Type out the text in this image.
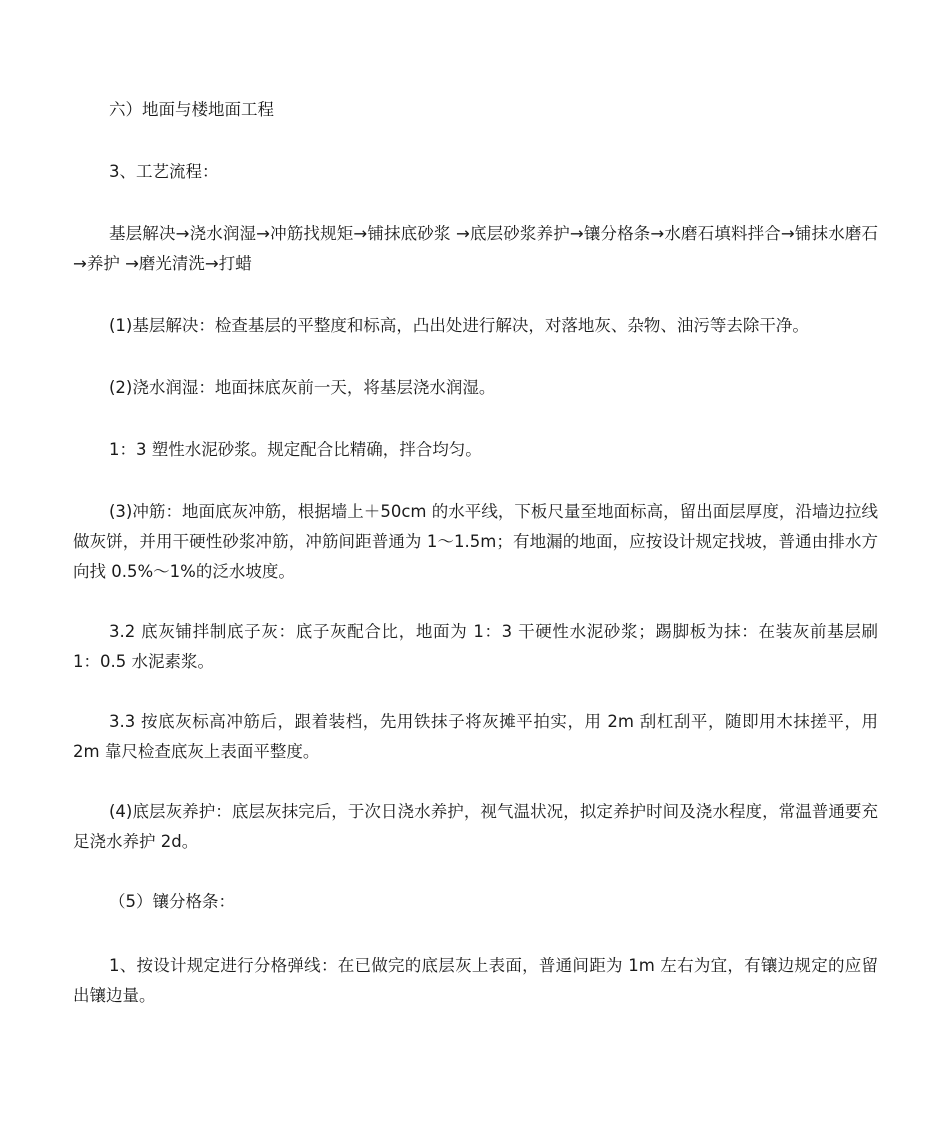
六）地面与楼地面工程

3、工艺流程：

基层解决→浇水润湿→冲筋找规矩→铺抹底砂浆 →底层砂浆养护→镶分格条→水磨石填料拌合→铺抹水磨石→养护 →磨光清洗→打蜡

(1)基层解决：检查基层的平整度和标高，凸出处进行解决，对落地灰、杂物、油污等去除干净。

(2)浇水润湿：地面抹底灰前一天，将基层浇水润湿。

1：3 塑性水泥砂浆。规定配合比精确，拌合均匀。

(3)冲筋：地面底灰冲筋，根据墙上＋50cm 的水平线，下板尺量至地面标高，留出面层厚度，沿墙边拉线做灰饼，并用干硬性砂浆冲筋，冲筋间距普通为 1～1.5m；有地漏的地面，应按设计规定找坡，普通由排水方向找 0.5%～1%的泛水坡度。

3.2 底灰铺拌制底子灰：底子灰配合比，地面为 1：3 干硬性水泥砂浆；踢脚板为抹：在装灰前基层刷 1：0.5 水泥素浆。

3.3 按底灰标高冲筋后，跟着装档，先用铁抹子将灰摊平拍实，用 2m 刮杠刮平，随即用木抹搓平，用 2m 靠尺检查底灰上表面平整度。

(4)底层灰养护：底层灰抹完后，于次日浇水养护，视气温状况，拟定养护时间及浇水程度，常温普通要充足浇水养护 2d。

（5）镶分格条：

1、按设计规定进行分格弹线：在已做完的底层灰上表面，普通间距为 1m 左右为宜，有镶边规定的应留出镶边量。
